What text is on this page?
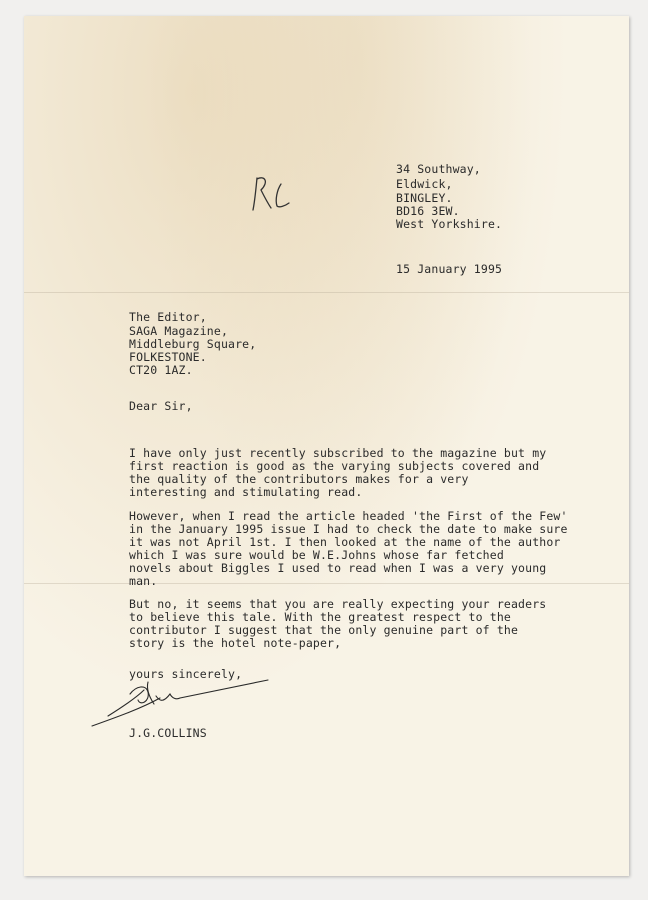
34 Southway,

Eldwick,

BINGLEY.

BD16 3EW.

West Yorkshire.

15 January 1995

The Editor,

SAGA Magazine,

Middleburg Square,

FOLKESTONE.

CT20 1AZ.

Dear Sir,

I have only just recently subscribed to the magazine but my

first reaction is good as the varying subjects covered and

the quality of the contributors makes for a very

interesting and stimulating read.

However, when I read the article headed 'the First of the Few'

in the January 1995 issue I had to check the date to make sure

it was not April 1st. I then looked at the name of the author

which I was sure would be W.E.Johns whose far fetched

novels about Biggles I used to read when I was a very young

man.

But no, it seems that you are really expecting your readers

to believe this tale. With the greatest respect to the

contributor I suggest that the only genuine part of the

story is the hotel note-paper,

yours sincerely,

J.G.COLLINS
